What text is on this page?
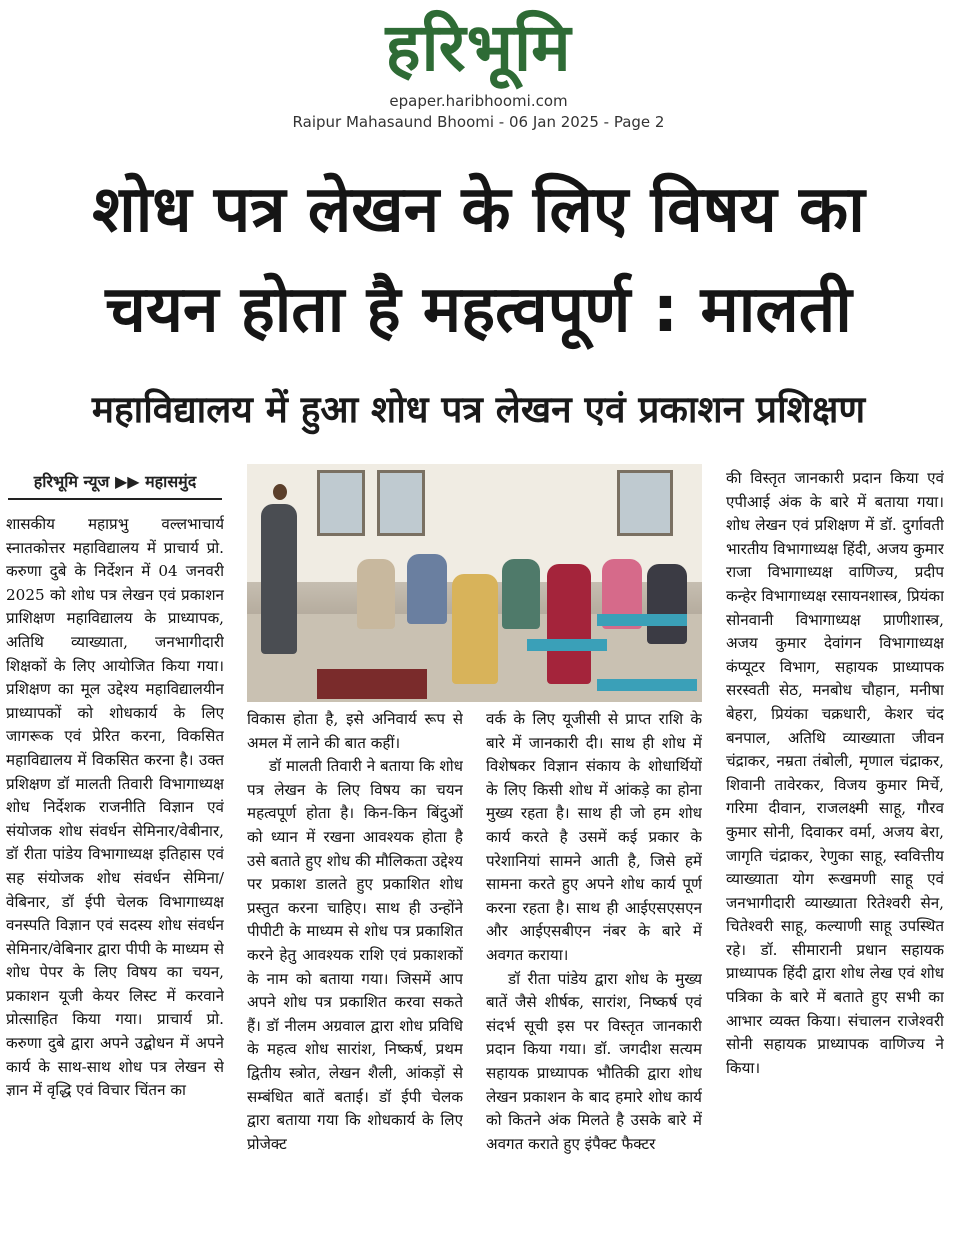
हरिभूमि
epaper.haribhoomi.com
Raipur Mahasaund Bhoomi - 06 Jan 2025 - Page 2
शोध पत्र लेखन के लिए विषय का
चयन होता है महत्वपूर्ण : मालती
महाविद्यालय में हुआ शोध पत्र लेखन एवं प्रकाशन प्रशिक्षण
हरिभूमि न्यूज ▶▶ महासमुंद

शासकीय महाप्रभु वल्लभाचार्य स्नातकोत्तर महाविद्यालय में प्राचार्य प्रो. करुणा दुबे के निर्देशन में 04 जनवरी 2025 को शोध पत्र लेखन एवं प्रकाशन प्राशिक्षण महाविद्यालय के प्राध्यापक, अतिथि व्याख्याता, जनभागीदारी शिक्षकों के लिए आयोजित किया गया। प्रशिक्षण का मूल उद्देश्य महाविद्यालयीन प्राध्यापकों को शोधकार्य के लिए जागरूक एवं प्रेरित करना, विकसित महाविद्यालय में विकसित करना है। उक्त प्रशिक्षण डॉ मालती तिवारी विभागाध्यक्ष शोध निर्देशक राजनीति विज्ञान एवं संयोजक शोध संवर्धन सेमिनार/वेबीनार, डॉ रीता पांडेय विभागाध्यक्ष इतिहास एवं सह संयोजक शोध संवर्धन सेमिना/ वेबिनार, डॉ ईपी चेलक विभागाध्यक्ष वनस्पति विज्ञान एवं सदस्य शोध संवर्धन सेमिनार/वेबिनार द्वारा पीपी के माध्यम से शोध पेपर के लिए विषय का चयन, प्रकाशन यूजी केयर लिस्ट में करवाने प्रोत्साहित किया गया। प्राचार्य प्रो. करुणा दुबे द्वारा अपने उद्बोधन में अपने कार्य के साथ-साथ शोध पत्र लेखन से ज्ञान में वृद्धि एवं विचार चिंतन का

विकास होता है, इसे अनिवार्य रूप से अमल में लाने की बात कहीं।

डॉ मालती तिवारी ने बताया कि शोध पत्र लेखन के लिए विषय का चयन महत्वपूर्ण होता है। किन-किन बिंदुओं को ध्यान में रखना आवश्यक होता है उसे बताते हुए शोध की मौलिकता उद्देश्य पर प्रकाश डालते हुए प्रकाशित शोध प्रस्तुत करना चाहिए। साथ ही उन्होंने पीपीटी के माध्यम से शोध पत्र प्रकाशित करने हेतु आवश्यक राशि एवं प्रकाशकों के नाम को बताया गया। जिसमें आप अपने शोध पत्र प्रकाशित करवा सकते हैं। डॉ नीलम अग्रवाल द्वारा शोध प्रविधि के महत्व शोध सारांश, निष्कर्ष, प्रथम द्वितीय स्त्रोत, लेखन शैली, आंकड़ों से सम्बंधित बातें बताई। डॉ ईपी चेलक द्वारा बताया गया कि शोधकार्य के लिए प्रोजेक्ट

वर्क के लिए यूजीसी से प्राप्त राशि के बारे में जानकारी दी। साथ ही शोध में विशेषकर विज्ञान संकाय के शोधार्थियों के लिए किसी शोध में आंकड़े का होना मुख्य रहता है। साथ ही जो हम शोध कार्य करते है उसमें कई प्रकार के परेशानियां सामने आती है, जिसे हमें सामना करते हुए अपने शोध कार्य पूर्ण करना रहता है। साथ ही आईएसएसएन और आईएसबीएन नंबर के बारे में अवगत कराया।

डॉ रीता पांडेय द्वारा शोध के मुख्य बातें जैसे शीर्षक, सारांश, निष्कर्ष एवं संदर्भ सूची इस पर विस्तृत जानकारी प्रदान किया गया। डॉ. जगदीश सत्यम सहायक प्राध्यापक भौतिकी द्वारा शोध लेखन प्रकाशन के बाद हमारे शोध कार्य को कितने अंक मिलते है उसके बारे में अवगत कराते हुए इंपैक्ट फैक्टर

की विस्तृत जानकारी प्रदान किया एवं एपीआई अंक के बारे में बताया गया। शोध लेखन एवं प्रशिक्षण में डॉ. दुर्गावती भारतीय विभागाध्यक्ष हिंदी, अजय कुमार राजा विभागाध्यक्ष वाणिज्य, प्रदीप कन्हेर विभागाध्यक्ष रसायनशास्त्र, प्रियंका सोनवानी विभागाध्यक्ष प्राणीशास्त्र, अजय कुमार देवांगन विभागाध्यक्ष कंप्यूटर विभाग, सहायक प्राध्यापक सरस्वती सेठ, मनबोध चौहान, मनीषा बेहरा, प्रियंका चक्रधारी, केशर चंद बनपाल, अतिथि व्याख्याता जीवन चंद्राकर, नम्रता तंबोली, मृणाल चंद्राकर, शिवानी तावेरकर, विजय कुमार मिर्चे, गरिमा दीवान, राजलक्ष्मी साहू, गौरव कुमार सोनी, दिवाकर वर्मा, अजय बेरा, जागृति चंद्राकर, रेणुका साहू, स्ववित्तीय व्याख्याता योग रूखमणी साहू एवं जनभागीदारी व्याख्याता रितेश्वरी सेन, चितेश्वरी साहू, कल्याणी साहू उपस्थित रहे। डॉ. सीमारानी प्रधान सहायक प्राध्यापक हिंदी द्वारा शोध लेख एवं शोध पत्रिका के बारे में बताते हुए सभी का आभार व्यक्त किया। संचालन राजेश्वरी सोनी सहायक प्राध्यापक वाणिज्य ने किया।
